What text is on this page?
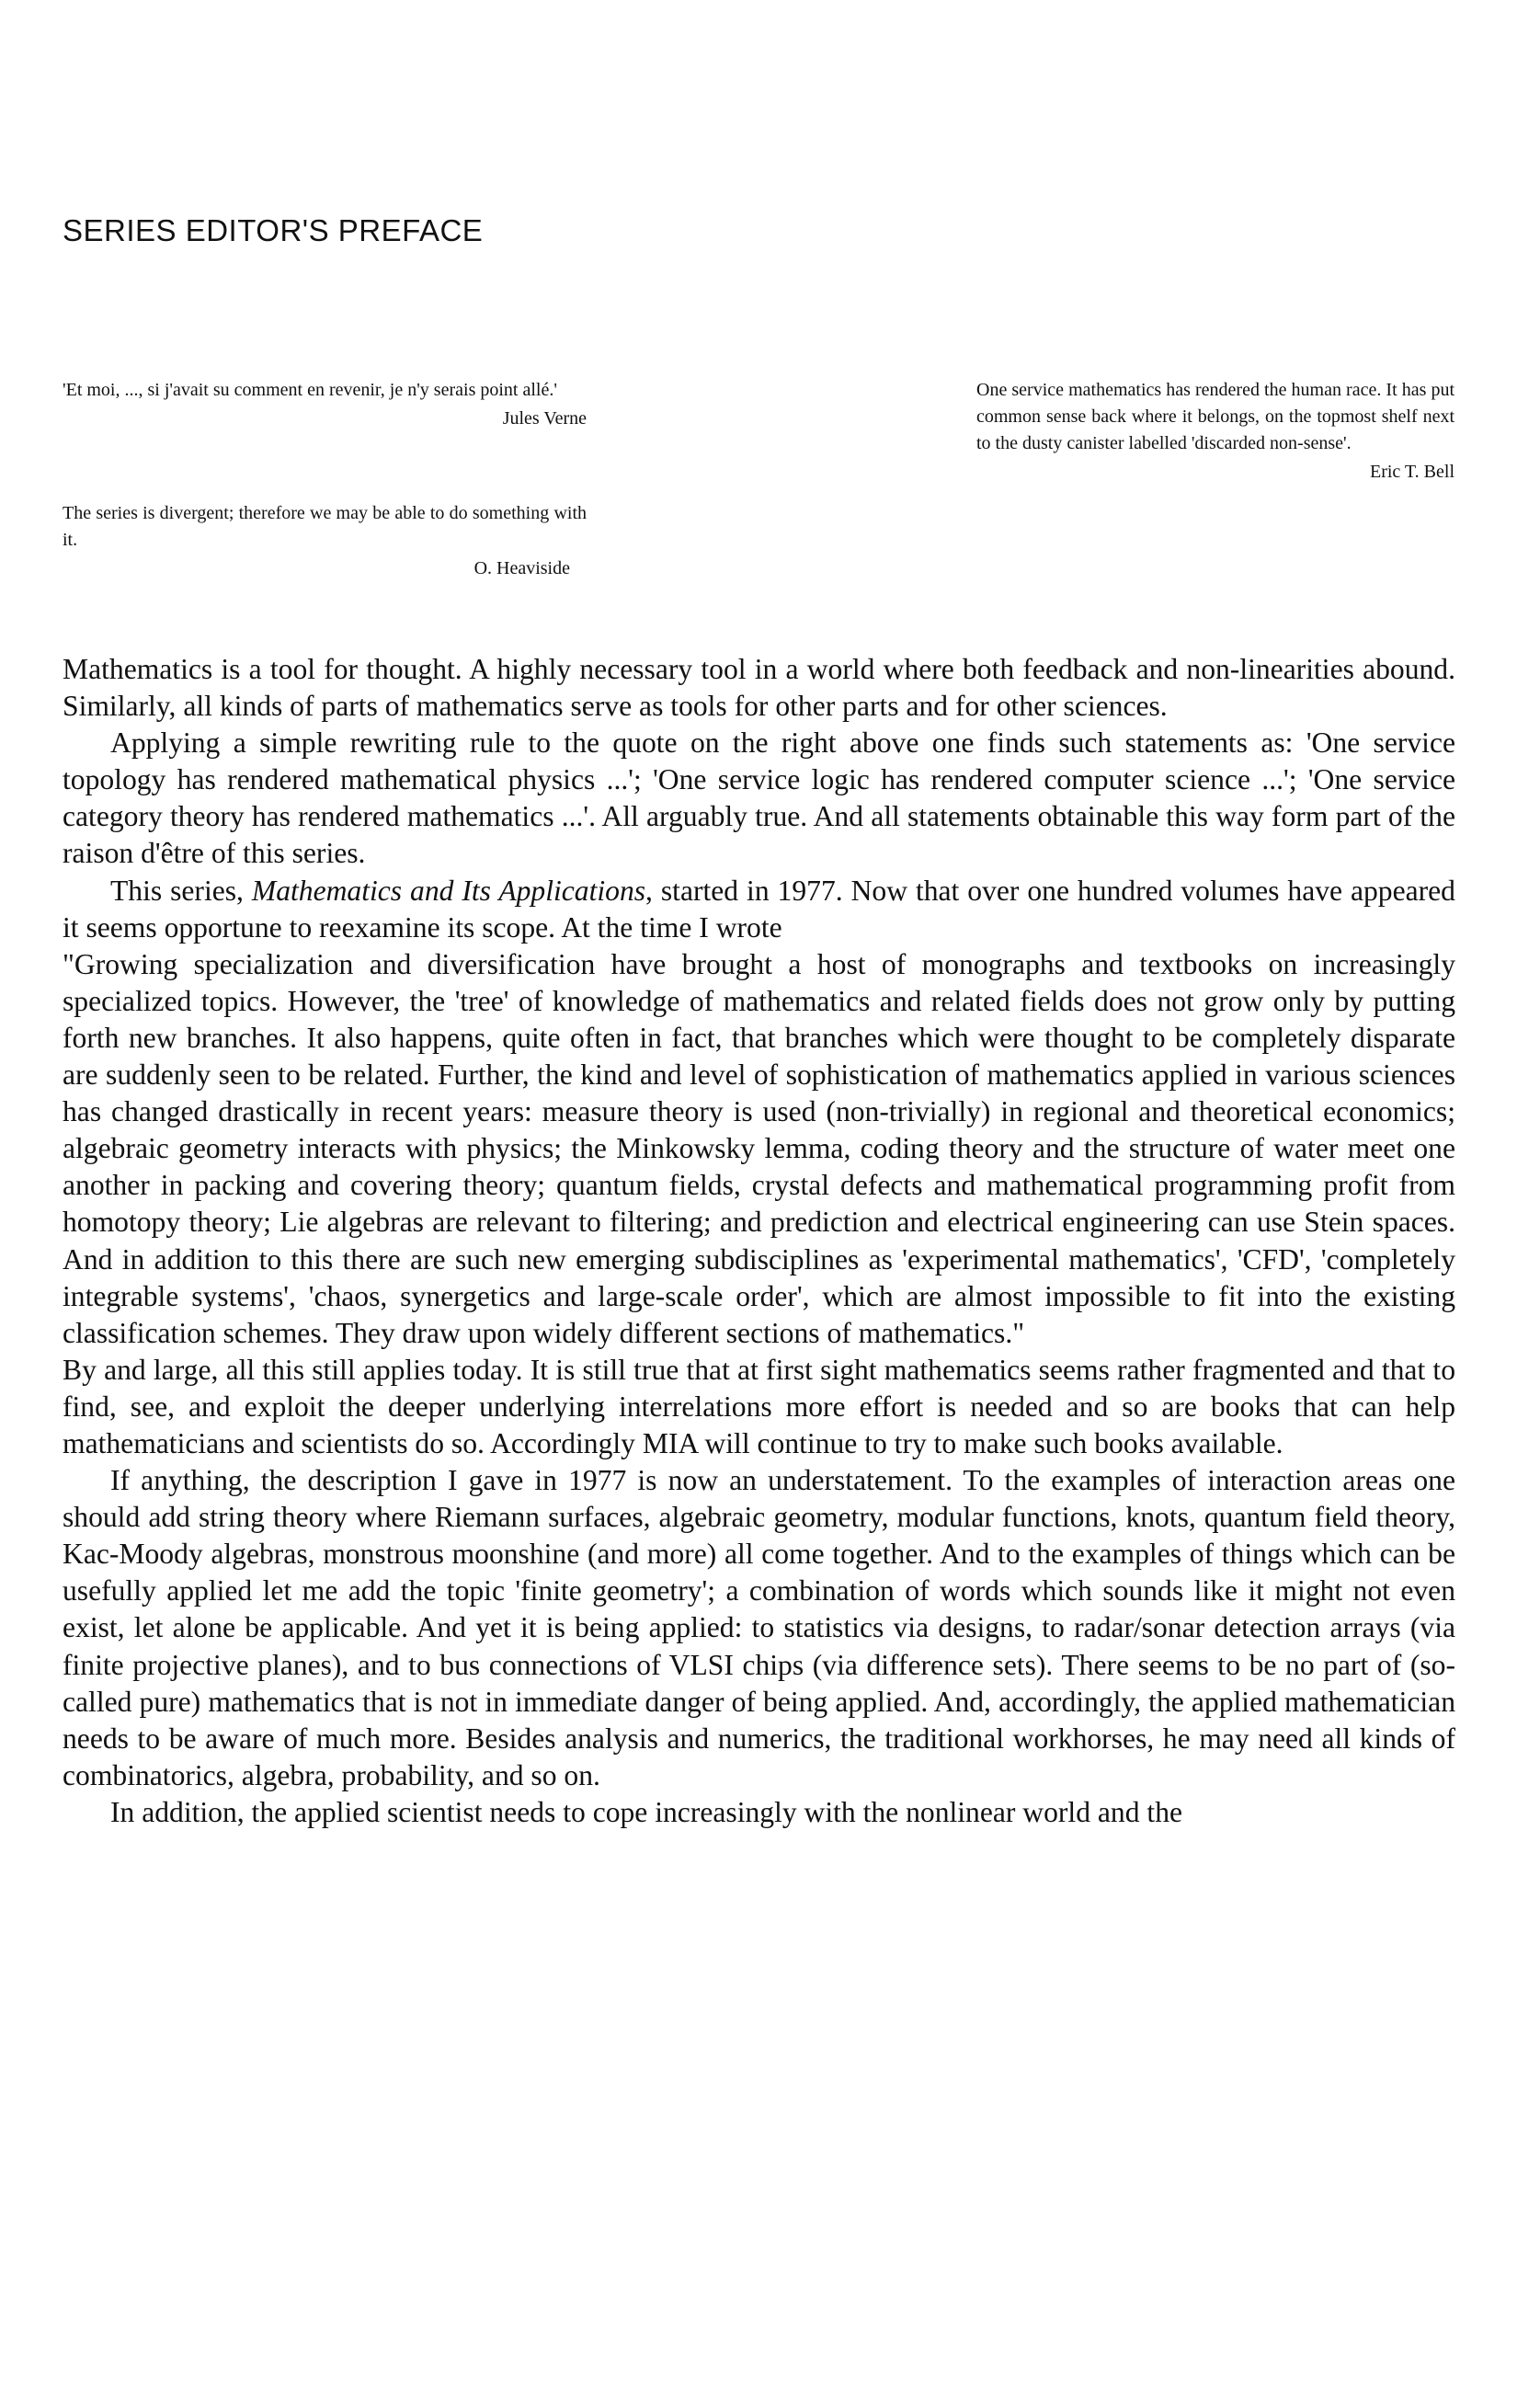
SERIES EDITOR'S PREFACE

'Et moi, ..., si j'avait su comment en revenir, je n'y serais point allé.'

Jules Verne

The series is divergent; therefore we may be able to do something with it.

O. Heaviside

One service mathematics has rendered the human race. It has put common sense back where it belongs, on the topmost shelf next to the dusty canister labelled 'discarded non-sense'.

Eric T. Bell

Mathematics is a tool for thought. A highly necessary tool in a world where both feedback and non-linearities abound. Similarly, all kinds of parts of mathematics serve as tools for other parts and for other sciences.

Applying a simple rewriting rule to the quote on the right above one finds such statements as: 'One service topology has rendered mathematical physics ...'; 'One service logic has rendered computer science ...'; 'One service category theory has rendered mathematics ...'. All arguably true. And all statements obtainable this way form part of the raison d'être of this series.

This series, Mathematics and Its Applications, started in 1977. Now that over one hundred volumes have appeared it seems opportune to reexamine its scope. At the time I wrote

"Growing specialization and diversification have brought a host of monographs and textbooks on increasingly specialized topics. However, the 'tree' of knowledge of mathematics and related fields does not grow only by putting forth new branches. It also happens, quite often in fact, that branches which were thought to be completely disparate are suddenly seen to be related. Further, the kind and level of sophistication of mathematics applied in various sciences has changed drastically in recent years: measure theory is used (non-trivially) in regional and theoretical economics; algebraic geometry interacts with physics; the Minkowsky lemma, coding theory and the structure of water meet one another in packing and covering theory; quantum fields, crystal defects and mathematical programming profit from homotopy theory; Lie algebras are relevant to filtering; and prediction and electrical engineering can use Stein spaces. And in addition to this there are such new emerging subdisciplines as 'experimental mathematics', 'CFD', 'completely integrable systems', 'chaos, synergetics and large-scale order', which are almost impossible to fit into the existing classification schemes. They draw upon widely different sections of mathematics."

By and large, all this still applies today. It is still true that at first sight mathematics seems rather fragmented and that to find, see, and exploit the deeper underlying interrelations more effort is needed and so are books that can help mathematicians and scientists do so. Accordingly MIA will continue to try to make such books available.

If anything, the description I gave in 1977 is now an understatement. To the examples of interaction areas one should add string theory where Riemann surfaces, algebraic geometry, modular functions, knots, quantum field theory, Kac-Moody algebras, monstrous moonshine (and more) all come together. And to the examples of things which can be usefully applied let me add the topic 'finite geometry'; a combination of words which sounds like it might not even exist, let alone be applicable. And yet it is being applied: to statistics via designs, to radar/sonar detection arrays (via finite projective planes), and to bus connections of VLSI chips (via difference sets). There seems to be no part of (so-called pure) mathematics that is not in immediate danger of being applied. And, accordingly, the applied mathematician needs to be aware of much more. Besides analysis and numerics, the traditional workhorses, he may need all kinds of combinatorics, algebra, probability, and so on.

In addition, the applied scientist needs to cope increasingly with the nonlinear world and the
